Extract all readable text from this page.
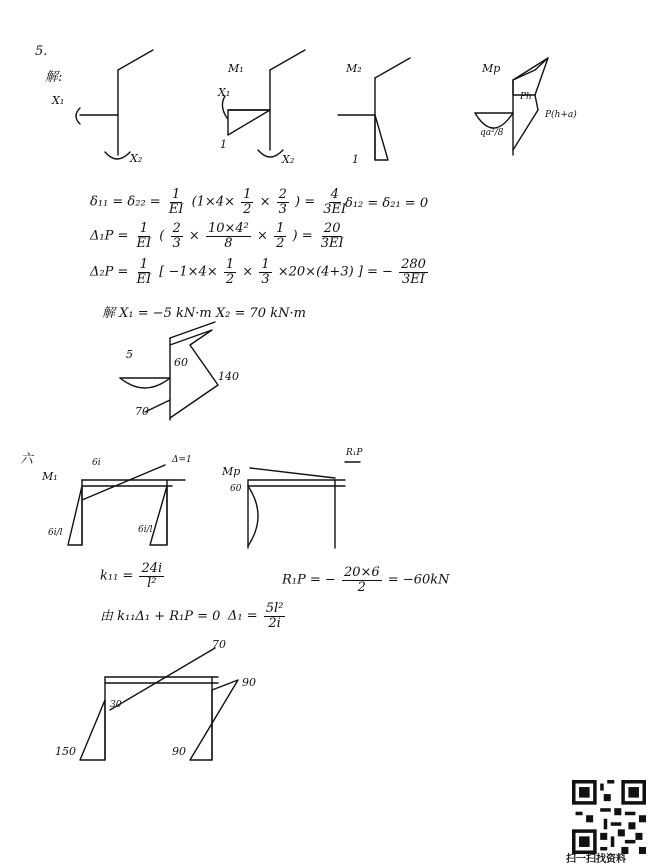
5.
解:
X₁
X₂
M₁
X₁
1
X₂
M₂
1
Mp
qa²/8
Ph
P(h+a)
$\delta_{11} = \delta_{22} = \frac{1}{EI} (1\times 4\times \frac{1}{2} \times \frac{2}{3}$ ) = $\frac{4}{3EI}$
δ₁₂ = δ₂₁ = 0
$\Delta_1P = \frac{1}{EI}$ ( $\frac{2}{3} \times \frac{\text{10×4²}}{8} \times \frac{1}{2}$ ) = $\frac{20}{3EI}$
$\Delta_2P = \frac{1}{EI}$ [ $-1\times 4\times \frac{1}{2} \times \frac{1}{3} \times 20\times(4+3)$ ] = − $\frac{280}{3EI}$
解 X₁ = −5 kN·m X₂ = 70 kN·m
5
60
140
70
六
M₁
6i	Δ=1
6i/l	6i/l
Mp
R₁P
60
$k_{11} = \frac{24i}{\text{l²}}$	R₁P = − $\frac{20\times 6}{2} = -60kN$
由 k₁₁Δ₁ + R₁P = 0 $\Delta_1 = \frac{\text{5l²}}{2i}$
70
90
30
150	90
扫一扫找资料
